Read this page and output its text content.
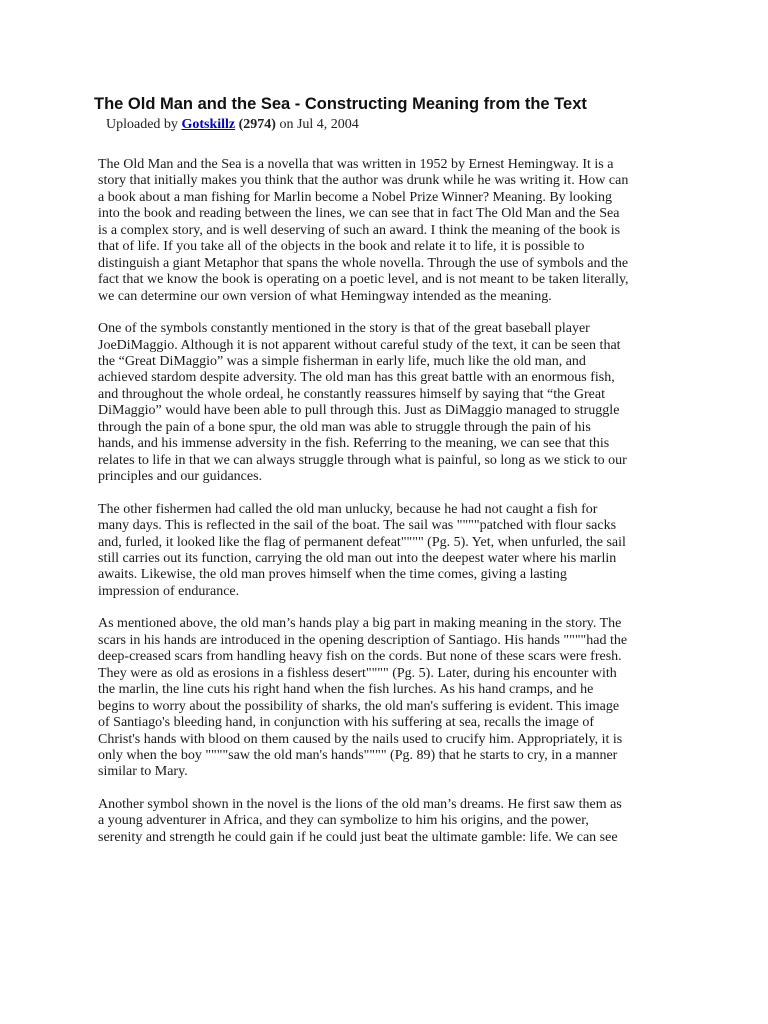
The Old Man and the Sea - Constructing Meaning from the Text
Uploaded by Gotskillz (2974) on Jul 4, 2004

The Old Man and the Sea is a novella that was written in 1952 by Ernest Hemingway. It is a
story that initially makes you think that the author was drunk while he was writing it. How can
a book about a man fishing for Marlin become a Nobel Prize Winner? Meaning. By looking
into the book and reading between the lines, we can see that in fact The Old Man and the Sea
is a complex story, and is well deserving of such an award. I think the meaning of the book is
that of life. If you take all of the objects in the book and relate it to life, it is possible to
distinguish a giant Metaphor that spans the whole novella. Through the use of symbols and the
fact that we know the book is operating on a poetic level, and is not meant to be taken literally,
we can determine our own version of what Hemingway intended as the meaning.

One of the symbols constantly mentioned in the story is that of the great baseball player
JoeDiMaggio. Although it is not apparent without careful study of the text, it can be seen that
the “Great DiMaggio” was a simple fisherman in early life, much like the old man, and
achieved stardom despite adversity. The old man has this great battle with an enormous fish,
and throughout the whole ordeal, he constantly reassures himself by saying that “the Great
DiMaggio” would have been able to pull through this. Just as DiMaggio managed to struggle
through the pain of a bone spur, the old man was able to struggle through the pain of his
hands, and his immense adversity in the fish. Referring to the meaning, we can see that this
relates to life in that we can always struggle through what is painful, so long as we stick to our
principles and our guidances.

The other fishermen had called the old man unlucky, because he had not caught a fish for
many days. This is reflected in the sail of the boat. The sail was """"patched with flour sacks
and, furled, it looked like the flag of permanent defeat"""" (Pg. 5). Yet, when unfurled, the sail
still carries out its function, carrying the old man out into the deepest water where his marlin
awaits. Likewise, the old man proves himself when the time comes, giving a lasting
impression of endurance.

As mentioned above, the old man’s hands play a big part in making meaning in the story. The
scars in his hands are introduced in the opening description of Santiago. His hands """"had the
deep-creased scars from handling heavy fish on the cords. But none of these scars were fresh.
They were as old as erosions in a fishless desert"""" (Pg. 5). Later, during his encounter with
the marlin, the line cuts his right hand when the fish lurches. As his hand cramps, and he
begins to worry about the possibility of sharks, the old man's suffering is evident. This image
of Santiago's bleeding hand, in conjunction with his suffering at sea, recalls the image of
Christ's hands with blood on them caused by the nails used to crucify him. Appropriately, it is
only when the boy """"saw the old man's hands"""" (Pg. 89) that he starts to cry, in a manner
similar to Mary.

Another symbol shown in the novel is the lions of the old man’s dreams. He first saw them as
a young adventurer in Africa, and they can symbolize to him his origins, and the power,
serenity and strength he could gain if he could just beat the ultimate gamble: life. We can see
